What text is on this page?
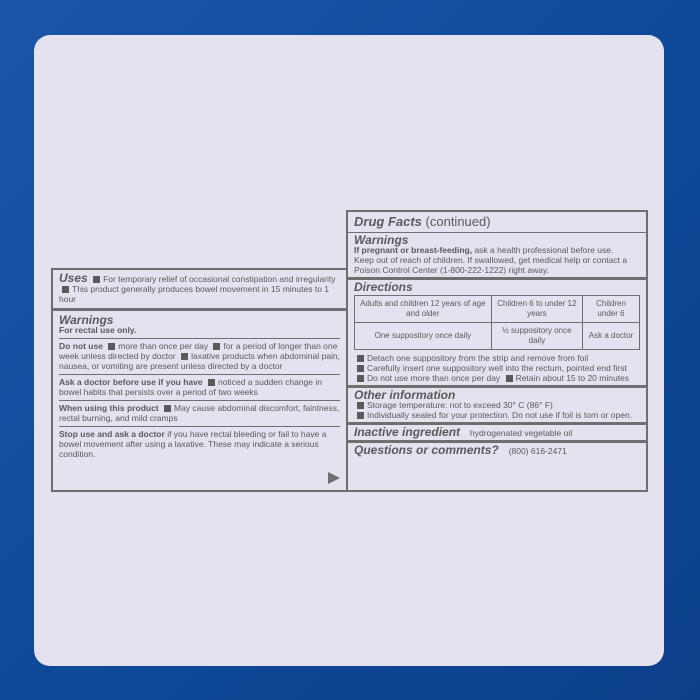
Uses For temporary relief of occasional constipation and irregularity This product generally produces bowel movement in 15 minutes to 1 hour
Warnings
For rectal use only.
Do not use more than once per day for a period of longer than one week unless directed by doctor laxative products when abdominal pain, nausea, or vomiting are present unless directed by a doctor
Ask a doctor before use if you have noticed a sudden change in bowel habits that persists over a period of two weeks
When using this product May cause abdominal discomfort, faintness, rectal burning, and mild cramps
Stop use and ask a doctor if you have rectal bleeding or fail to have a bowel movement after using a laxative. These may indicate a serious condition.
Drug Facts (continued)
Warnings
If pregnant or breast-feeding, ask a health professional before use.
Keep out of reach of children. If swallowed, get medical help or contact a Poison Control Center (1-800-222-1222) right away.
Directions
Adults and children 12 years of age and older	Children 6 to under 12 years	Children under 6
One suppository once daily	½ suppository once daily	Ask a doctor
Detach one suppository from the strip and remove from foil
Carefully insert one suppository well into the rectum, pointed end first Do not use more than once per day Retain about 15 to 20 minutes
Other information
Storage temperature: not to exceed 30° C (86° F)
Individually sealed for your protection. Do not use if foil is torn or open.
Inactive ingredient hydrogenated vegetable oil
Questions or comments? (800) 616-2471
